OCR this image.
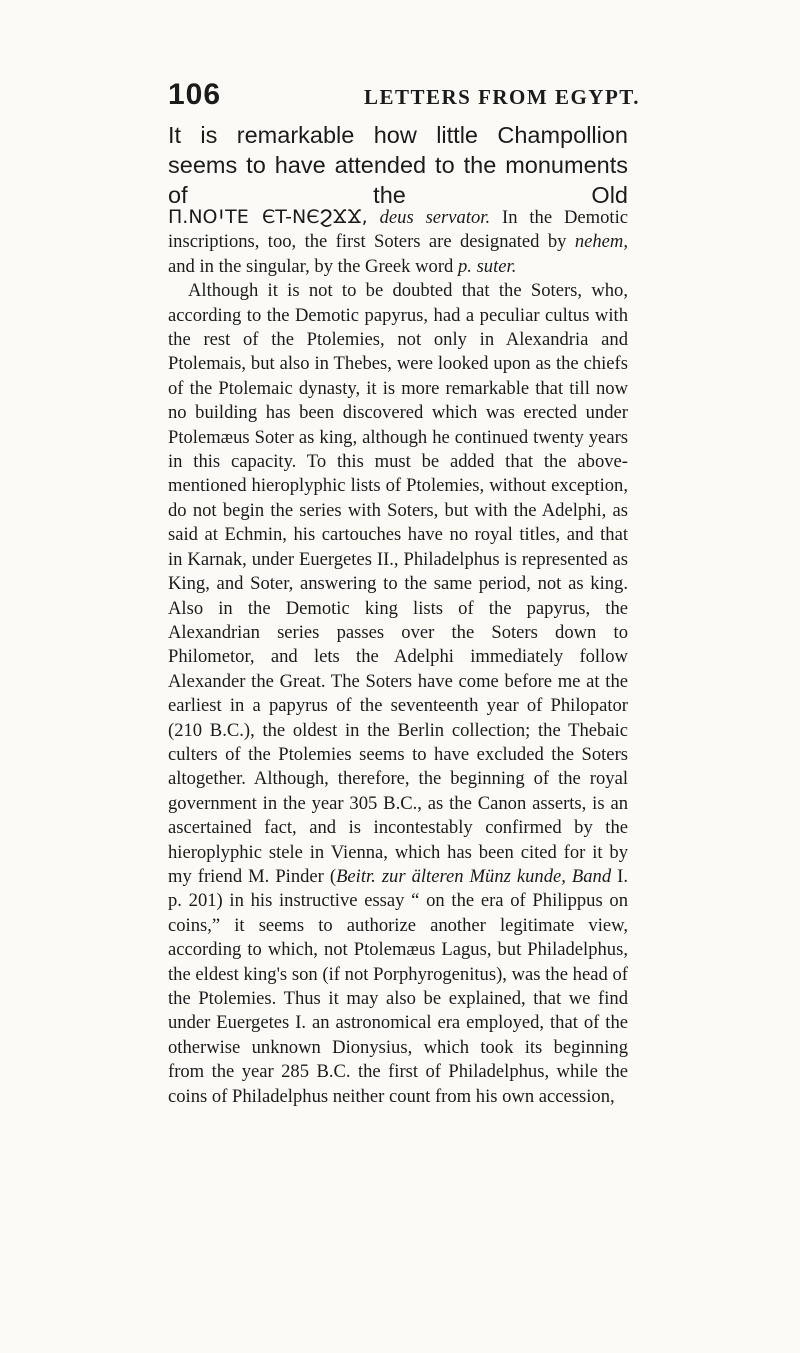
106	LETTERS FROM EGYPT.
It is remarkable how little Champollion seems to have attended to the monuments of the Old

П.NOꞋTE ЄT-NЄϨϪϪ, deus servator. In the Demotic inscriptions, too, the first Soters are designated by nehem, and in the singular, by the Greek word p. suter.

Although it is not to be doubted that the Soters, who, according to the Demotic papyrus, had a peculiar cultus with the rest of the Ptolemies, not only in Alexandria and Ptolemais, but also in Thebes, were looked upon as the chiefs of the Ptolemaic dynasty, it is more remarkable that till now no building has been discovered which was erected under Ptolemæus Soter as king, although he continued twenty years in this capacity. To this must be added that the above-mentioned hieroplyphic lists of Ptolemies, without exception, do not begin the series with Soters, but with the Adelphi, as said at Echmin, his cartouches have no royal titles, and that in Karnak, under Euergetes II., Philadelphus is represented as King, and Soter, answering to the same period, not as king. Also in the Demotic king lists of the papyrus, the Alexandrian series passes over the Soters down to Philometor, and lets the Adelphi immediately follow Alexander the Great. The Soters have come before me at the earliest in a papyrus of the seventeenth year of Philopator (210 B.C.), the oldest in the Berlin collection; the Thebaic culters of the Ptolemies seems to have excluded the Soters altogether. Although, therefore, the beginning of the royal government in the year 305 B.C., as the Canon asserts, is an ascertained fact, and is incontestably confirmed by the hieroplyphic stele in Vienna, which has been cited for it by my friend M. Pinder (Beitr. zur älteren Münz kunde, Band I. p. 201) in his instructive essay “ on the era of Philippus on coins,” it seems to authorize another legitimate view, according to which, not Ptolemæus Lagus, but Philadelphus, the eldest king's son (if not Porphyrogenitus), was the head of the Ptolemies. Thus it may also be explained, that we find under Euergetes I. an astronomical era employed, that of the otherwise unknown Dionysius, which took its beginning from the year 285 B.C. the first of Philadelphus, while the coins of Philadelphus neither count from his own accession,
